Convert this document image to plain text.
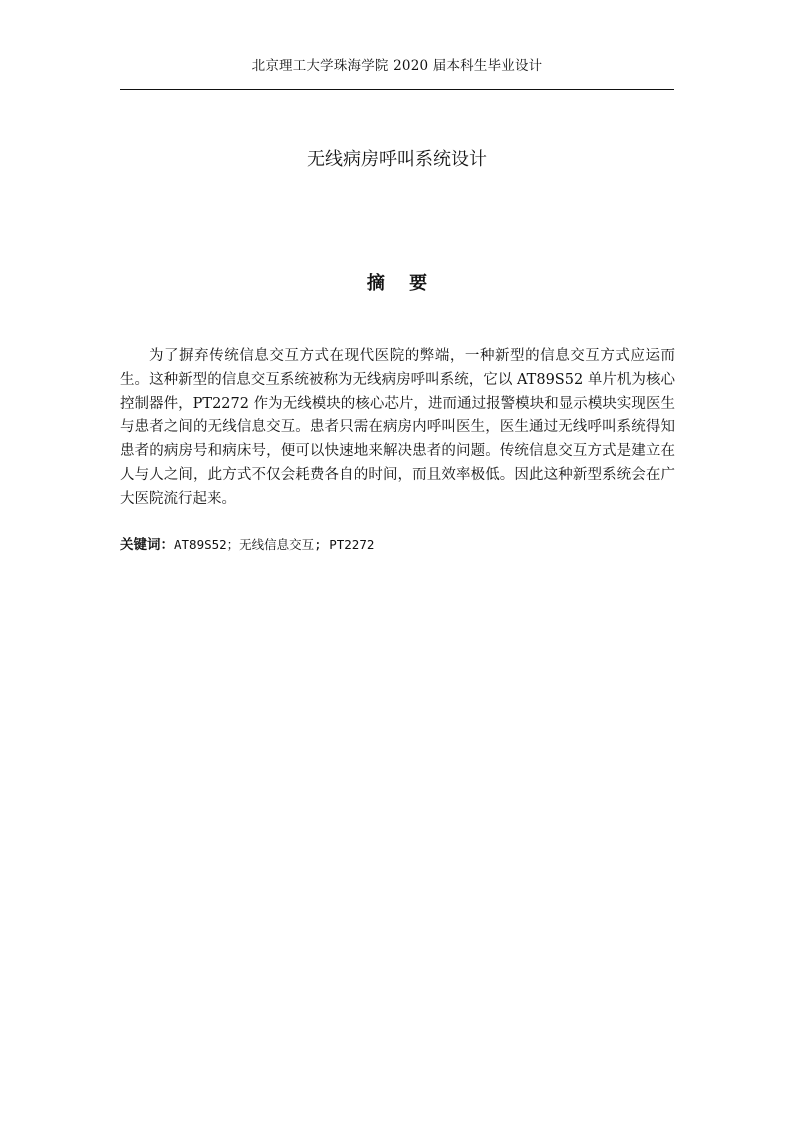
北京理工大学珠海学院 2020 届本科生毕业设计
无线病房呼叫系统设计
摘 要

为了摒弃传统信息交互方式在现代医院的弊端，一种新型的信息交互方式应运而生。这种新型的信息交互系统被称为无线病房呼叫系统，它以 AT89S52 单片机为核心控制器件，PT2272 作为无线模块的核心芯片，进而通过报警模块和显示模块实现医生与患者之间的无线信息交互。患者只需在病房内呼叫医生，医生通过无线呼叫系统得知患者的病房号和病床号，便可以快速地来解决患者的问题。传统信息交互方式是建立在人与人之间，此方式不仅会耗费各自的时间，而且效率极低。因此这种新型系统会在广大医院流行起来。

关键词：AT89S52；无线信息交互; PT2272
